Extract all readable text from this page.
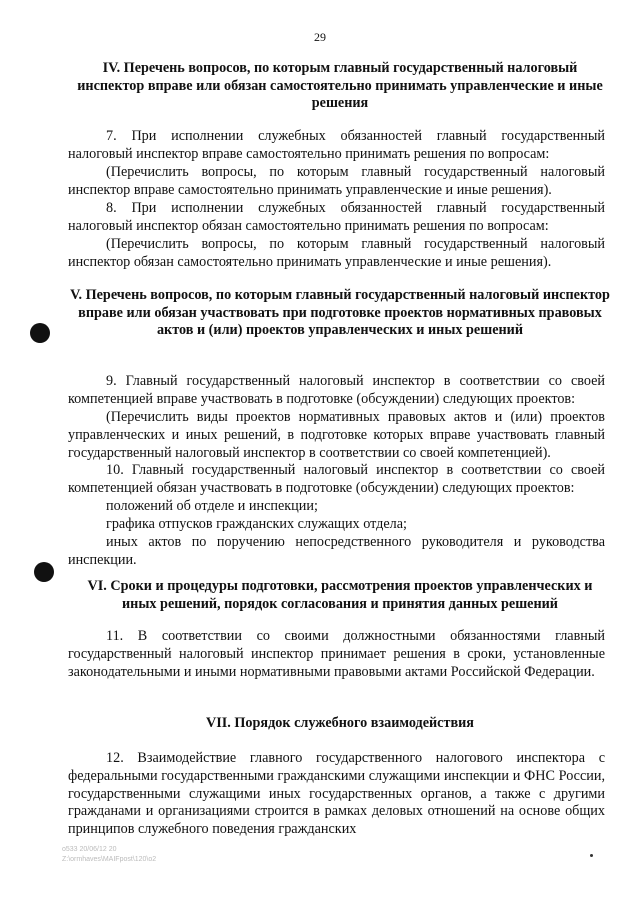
29
IV. Перечень вопросов, по которым главный государственный налоговый инспектор вправе или обязан самостоятельно принимать управленческие и иные решения
7. При исполнении служебных обязанностей главный государственный налоговый инспектор вправе самостоятельно принимать решения по вопросам:
(Перечислить вопросы, по которым главный государственный налоговый инспектор вправе самостоятельно принимать управленческие и иные решения).
8. При исполнении служебных обязанностей главный государственный налоговый инспектор обязан самостоятельно принимать решения по вопросам:
(Перечислить вопросы, по которым главный государственный налоговый инспектор обязан самостоятельно принимать управленческие и иные решения).
V. Перечень вопросов, по которым главный государственный налоговый инспектор вправе или обязан участвовать при подготовке проектов нормативных правовых актов и (или) проектов управленческих и иных решений
9. Главный государственный налоговый инспектор в соответствии со своей компетенцией вправе участвовать в подготовке (обсуждении) следующих проектов:
(Перечислить виды проектов нормативных правовых актов и (или) проектов управленческих и иных решений, в подготовке которых вправе участвовать главный государственный налоговый инспектор в соответствии со своей компетенцией).
10. Главный государственный налоговый инспектор в соответствии со своей компетенцией обязан участвовать в подготовке (обсуждении) следующих проектов:
положений об отделе и инспекции;
графика отпусков гражданских служащих отдела;
иных актов по поручению непосредственного руководителя и руководства инспекции.
VI. Сроки и процедуры подготовки, рассмотрения проектов управленческих и иных решений, порядок согласования и принятия данных решений
11. В соответствии со своими должностными обязанностями главный государственный налоговый инспектор принимает решения в сроки, установленные законодательными и иными нормативными правовыми актами Российской Федерации.
VII. Порядок служебного взаимодействия
12. Взаимодействие главного государственного налогового инспектора с федеральными государственными гражданскими служащими инспекции и ФНС России, государственными служащими иных государственных органов, а также с другими гражданами и организациями строится в рамках деловых отношений на основе общих принципов служебного поведения гражданских
o533 20/06/12 20
Z:\ormhaves\MAIFpost\120\o2
